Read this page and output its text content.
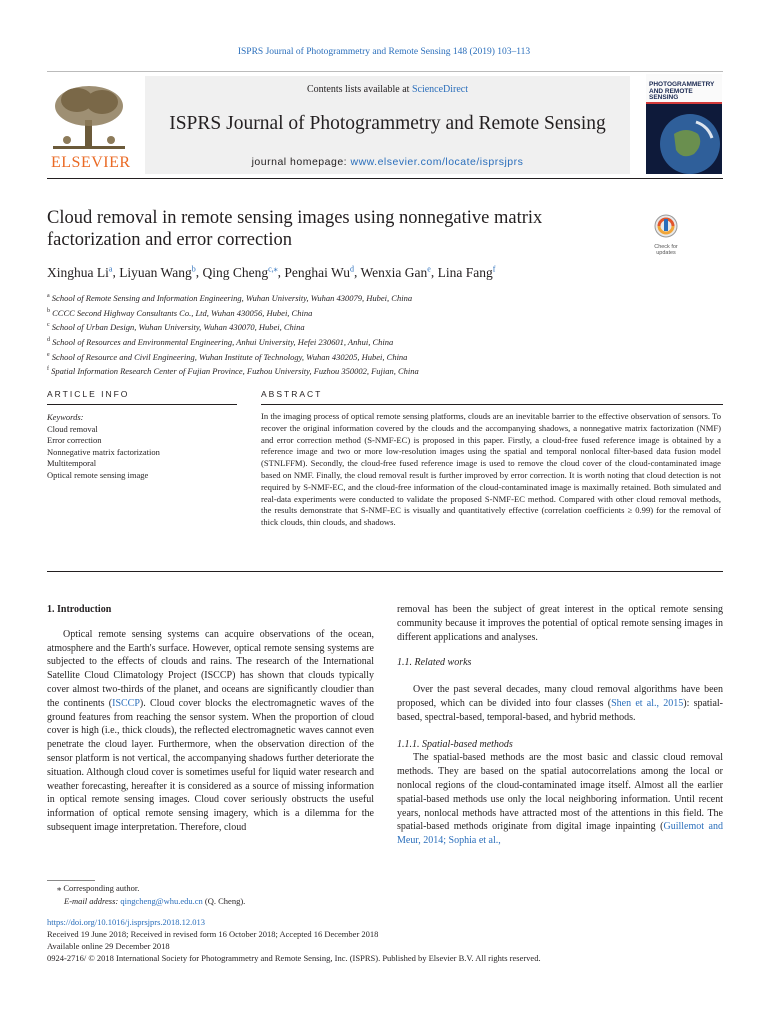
ISPRS Journal of Photogrammetry and Remote Sensing 148 (2019) 103–113
ELSEVIER
Contents lists available at ScienceDirect
ISPRS Journal of Photogrammetry and Remote Sensing
journal homepage: www.elsevier.com/locate/isprsjprs
PHOTOGRAMMETRY
AND REMOTE SENSING
Cloud removal in remote sensing images using nonnegative matrix factorization and error correction	Check for
updates
Xinghua Li$^a$, Liyuan Wang$^b$, Qing Cheng$^{c,⁎}$, Penghai Wu$^d$, Wenxia Gan$^e$, Lina Fang$^f$
$^a$ School of Remote Sensing and Information Engineering, Wuhan University, Wuhan 430079, Hubei, China
$^b$ CCCC Second Highway Consultants Co., Ltd, Wuhan 430056, Hubei, China
$^c$ School of Urban Design, Wuhan University, Wuhan 430070, Hubei, China
$^d$ School of Resources and Environmental Engineering, Anhui University, Hefei 230601, Anhui, China
$^e$ School of Resource and Civil Engineering, Wuhan Institute of Technology, Wuhan 430205, Hubei, China
$^f$ Spatial Information Research Center of Fujian Province, Fuzhou University, Fuzhou 350002, Fujian, China
ARTICLE INFO	ABSTRACT
Keywords:
Cloud removal
Error correction
Nonnegative matrix factorization
Multitemporal
Optical remote sensing image
In the imaging process of optical remote sensing platforms, clouds are an inevitable barrier to the effective observation of sensors. To recover the original information covered by the clouds and the accompanying shadows, a nonnegative matrix factorization (NMF) and error correction method (S-NMF-EC) is proposed in this paper. Firstly, a cloud-free fused reference image is obtained by a reference image and two or more low-resolution images using the spatial and temporal nonlocal filter-based data fusion model (STNLFFM). Secondly, the cloud-free fused reference image is used to remove the cloud cover of the cloud-contaminated image based on NMF. Finally, the cloud removal result is further improved by error correction. It is worth noting that cloud detection is not required by S-NMF-EC, and the cloud-free information of the cloud-contaminated image is maximally retained. Both simulated and real-data experiments were conducted to validate the proposed S-NMF-EC method. Compared with other cloud removal methods, the results demonstrate that S-NMF-EC is visually and quantitatively effective (correlation coefficients ≥ 0.99) for the removal of thick clouds, thin clouds, and shadows.

1. Introduction

Optical remote sensing systems can acquire observations of the ocean, atmosphere and the Earth's surface. However, optical remote sensing systems are subjected to the effects of clouds and rains. The research of the International Satellite Cloud Climatology Project (ISCCP) has shown that clouds typically cover almost two-thirds of the planet, and oceans are significantly cloudier than the continents (ISCCP). Cloud cover blocks the electromagnetic waves of the ground features from reaching the sensor system. When the proportion of cloud cover is high (i.e., thick clouds), the reflected electromagnetic waves cannot even penetrate the cloud layer. Furthermore, when the observation direction of the sensor platform is not vertical, the accompanying shadows further deteriorate the situation. Although cloud cover is sometimes useful for liquid water research and weather forecasting, hereafter it is considered as a source of missing information in optical remote sensing images. Cloud cover seriously obstructs the useful information of optical remote sensing imagery, which is a dilemma for the subsequent image interpretation. Therefore, cloud

removal has been the subject of great interest in the optical remote sensing community because it improves the potential of optical remote sensing images in different applications and analyses.

1.1. Related works

Over the past several decades, many cloud removal algorithms have been proposed, which can be divided into four classes (Shen et al., 2015): spatial-based, spectral-based, temporal-based, and hybrid methods.

1.1.1. Spatial-based methods

The spatial-based methods are the most basic and classic cloud removal methods. They are based on the spatial autocorrelations among the local or nonlocal regions of the cloud-contaminated image itself. Almost all the earlier spatial-based methods use only the local neighboring information. Until recent years, nonlocal methods have attracted most of the attentions in this field. The spatial-based methods originate from digital image inpainting (Guillemot and Meur, 2014; Sophia et al.,

⁎ Corresponding author.
E-mail address: qingcheng@whu.edu.cn (Q. Cheng).
https://doi.org/10.1016/j.isprsjprs.2018.12.013
Received 19 June 2018; Received in revised form 16 October 2018; Accepted 16 December 2018
Available online 29 December 2018
0924-2716/ © 2018 International Society for Photogrammetry and Remote Sensing, Inc. (ISPRS). Published by Elsevier B.V. All rights reserved.
